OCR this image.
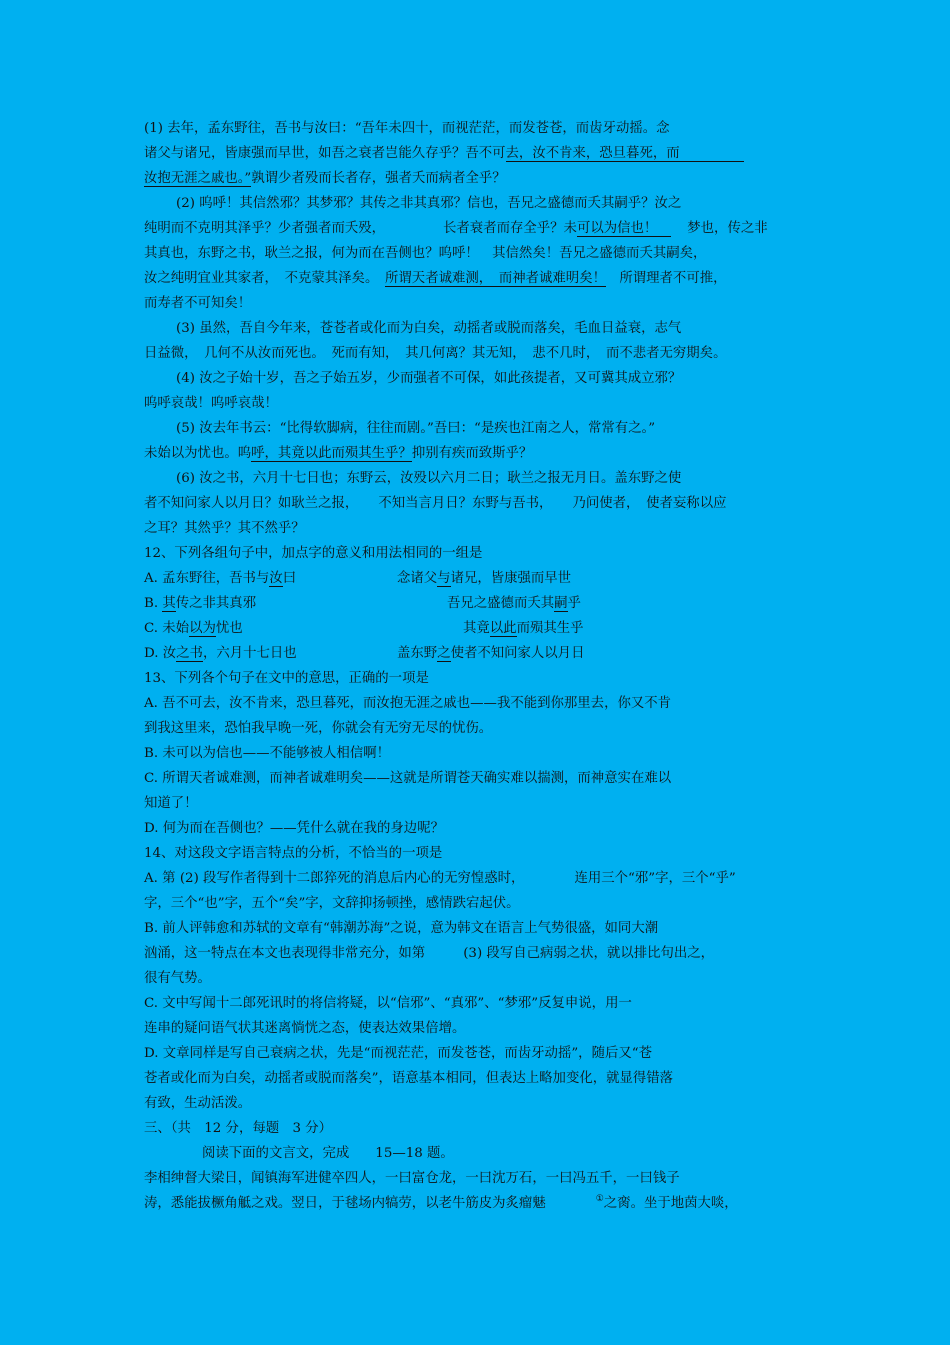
(1) 去年，孟东野往，吾书与汝曰：“吾年未四十，而视茫茫，而发苍苍，而齿牙动摇。念
诸父与诸兄，皆康强而早世，如吾之衰者岂能久存乎？吾不可去，汝不肯来，恐旦暮死，而
汝抱无涯之戚也。”孰谓少者殁而长者存，强者夭而病者全乎？
(2) 呜呼！其信然邪？其梦邪？其传之非其真邪？信也，吾兄之盛德而夭其嗣乎？汝之
纯明而不克明其泽乎？少者强者而夭殁，	长者衰者而存全乎？未可以为信也！ 梦也，传之非
其真也，东野之书，耿兰之报，何为而在吾侧也？呜呼！　其信然矣！吾兄之盛德而夭其嗣矣，
汝之纯明宜业其家者，　不克蒙其泽矣。　 所谓天者诚难测，　而神者诚难明矣！　 所谓理者不可推，
而寿者不可知矣！
(3) 虽然，吾自今年来，苍苍者或化而为白矣，动摇者或脱而落矣，毛血日益衰，志气
日益微，　几何不从汝而死也。　死而有知，　其几何离？其无知，　悲不几时，　而不悲者无穷期矣。
(4) 汝之子始十岁，吾之子始五岁，少而强者不可保，如此孩提者，又可冀其成立邪？
呜呼哀哉！呜呼哀哉！
(5) 汝去年书云：“比得软脚病，往往而剧。”吾曰：“是疾也江南之人，常常有之。”
未始以为忧也。呜呼，其竟以此而殒其生乎？抑别有疾而致斯乎？
(6) 汝之书，六月十七日也；东野云，汝殁以六月二日；耿兰之报无月日。盖东野之使
者不知问家人以月日？如耿兰之报，　　不知当言月日？东野与吾书，　　乃问使者，　使者妄称以应
之耳？其然乎？其不然乎？
12、下列各组句子中，加点字的意义和用法相同的一组是
A. 孟东野往，吾书与汝曰	念诸父与诸兄，皆康强而早世
B. 其传之非其真邪	吾兄之盛德而夭其嗣乎
C. 未始以为忧也	其竟以此而殒其生乎
D. 汝之书，六月十七日也	盖东野之使者不知问家人以月日
13、下列各个句子在文中的意思，正确的一项是
A. 吾不可去，汝不肯来，恐旦暮死，而汝抱无涯之戚也——我不能到你那里去，你又不肯
到我这里来，恐怕我早晚一死，你就会有无穷无尽的忧伤。
B. 未可以为信也——不能够被人相信啊！
C. 所谓天者诚难测，而神者诚难明矣——这就是所谓苍天确实难以揣测，而神意实在难以
知道了！
D. 何为而在吾侧也？——凭什么就在我的身边呢？
14、对这段文字语言特点的分析，不恰当的一项是
A. 第 (2) 段写作者得到十二郎猝死的消息后内心的无穷惶惑时，	连用三个“邪”字，三个“乎”
字，三个“也”字，五个“矣”字，文辞抑扬顿挫，感情跌宕起伏。
B. 前人评韩愈和苏轼的文章有“韩潮苏海”之说，意为韩文在语言上气势很盛，如同大潮
汹涌，这一特点在本文也表现得非常充分，如第	(3) 段写自己病弱之状，就以排比句出之，
很有气势。
C. 文中写闻十二郎死讯时的将信将疑，以“信邪”、“真邪”、“梦邪”反复申说，用一
连串的疑问语气状其迷离惝恍之态，使表达效果倍增。
D. 文章同样是写自己衰病之状，先是“而视茫茫，而发苍苍，而齿牙动摇”，随后又“苍
苍者或化而为白矣，动摇者或脱而落矣”，语意基本相同，但表达上略加变化，就显得错落
有致，生动活泼。
三、（共　12 分，每题　3 分）
阅读下面的文言文，完成 15—18 题。
李相绅督大梁日，闻镇海军进健卒四人，一曰富仓龙，一曰沈万石，一曰冯五千，一曰钱子
涛，悉能拔橛角觝之戏。翌日，于毬场内犒劳，以老牛筋皮为炙瘤魅	①之脔。坐于地茵大啖，
